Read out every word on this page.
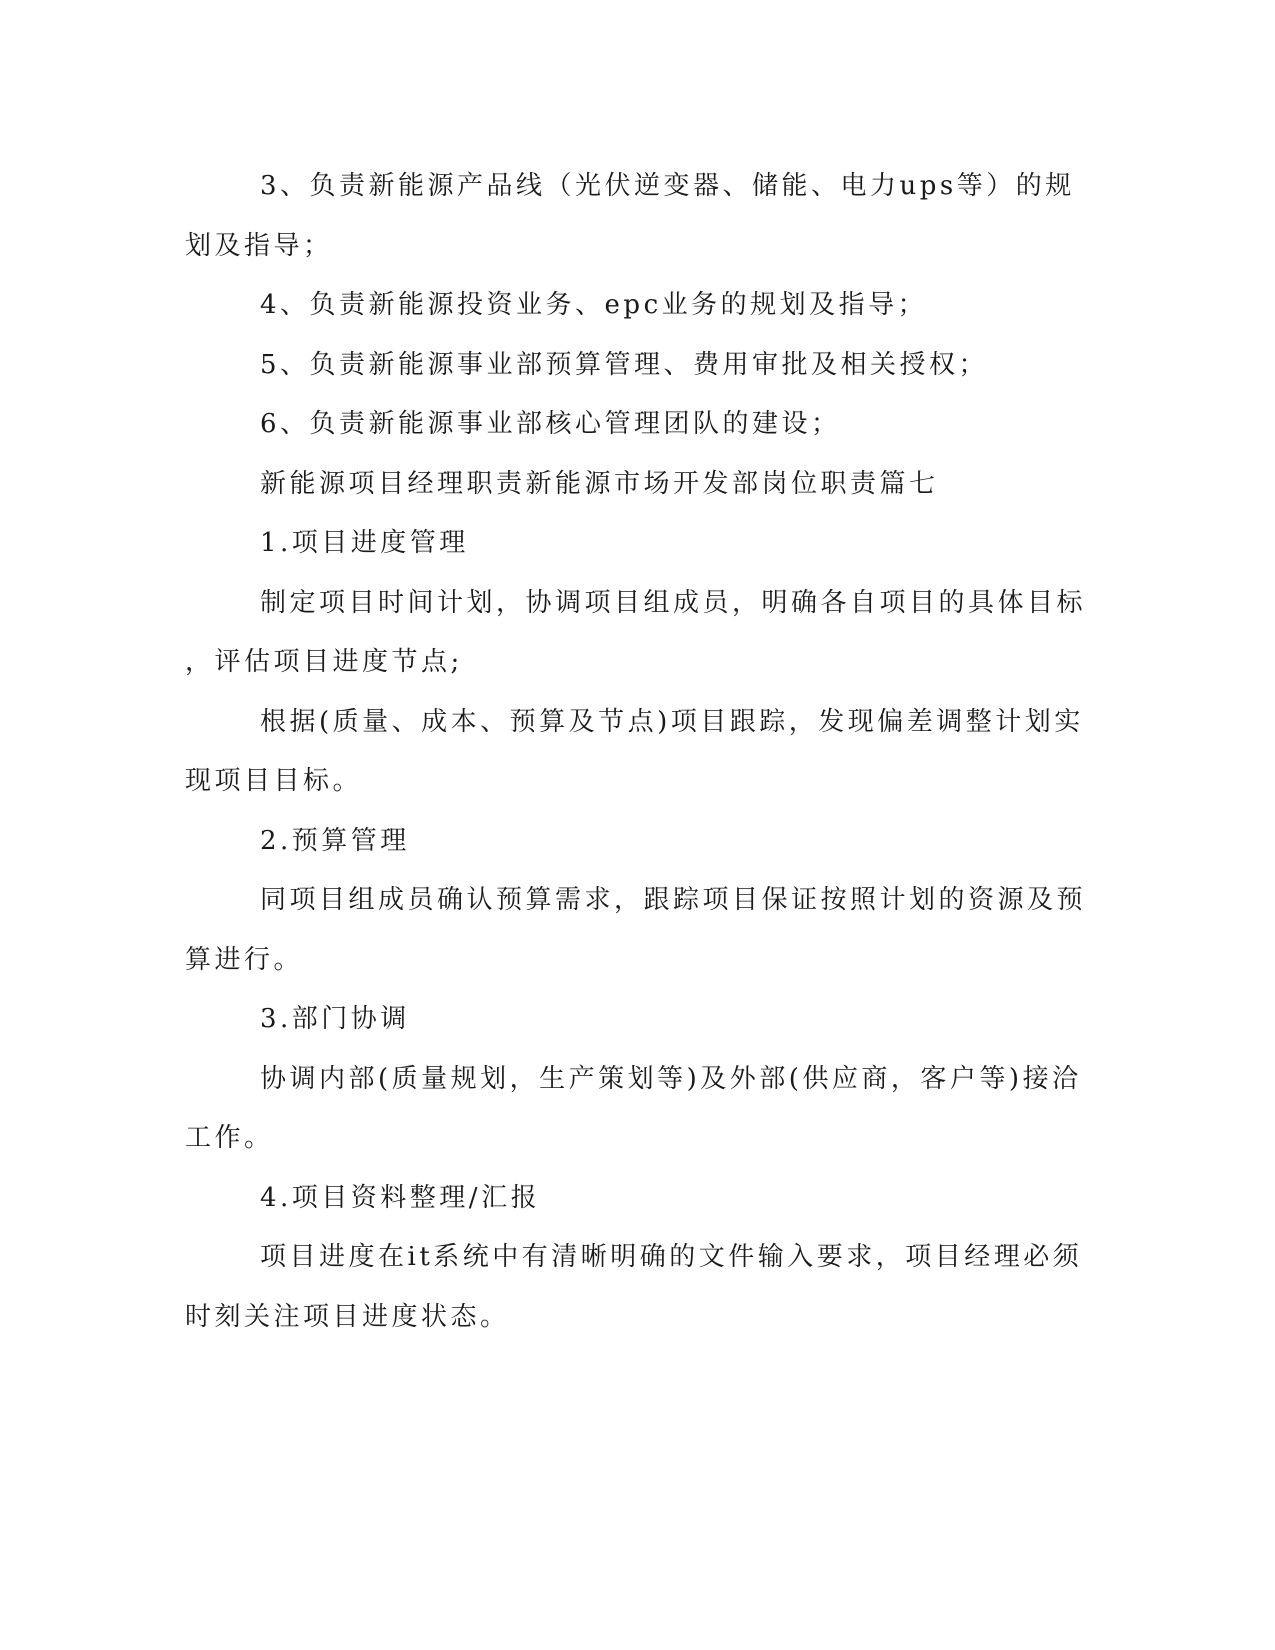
3、负责新能源产品线（光伏逆变器、储能、电力ups等）的规
划及指导；
4、负责新能源投资业务、epc业务的规划及指导；
5、负责新能源事业部预算管理、费用审批及相关授权；
6、负责新能源事业部核心管理团队的建设；
新能源项目经理职责新能源市场开发部岗位职责篇七
1.项目进度管理
制定项目时间计划，协调项目组成员，明确各自项目的具体目标
，评估项目进度节点;
根据(质量、成本、预算及节点)项目跟踪，发现偏差调整计划实
现项目目标。
2.预算管理
同项目组成员确认预算需求，跟踪项目保证按照计划的资源及预
算进行。
3.部门协调
协调内部(质量规划，生产策划等)及外部(供应商，客户等)接洽
工作。
4.项目资料整理/汇报
项目进度在it系统中有清晰明确的文件输入要求，项目经理必须
时刻关注项目进度状态。
